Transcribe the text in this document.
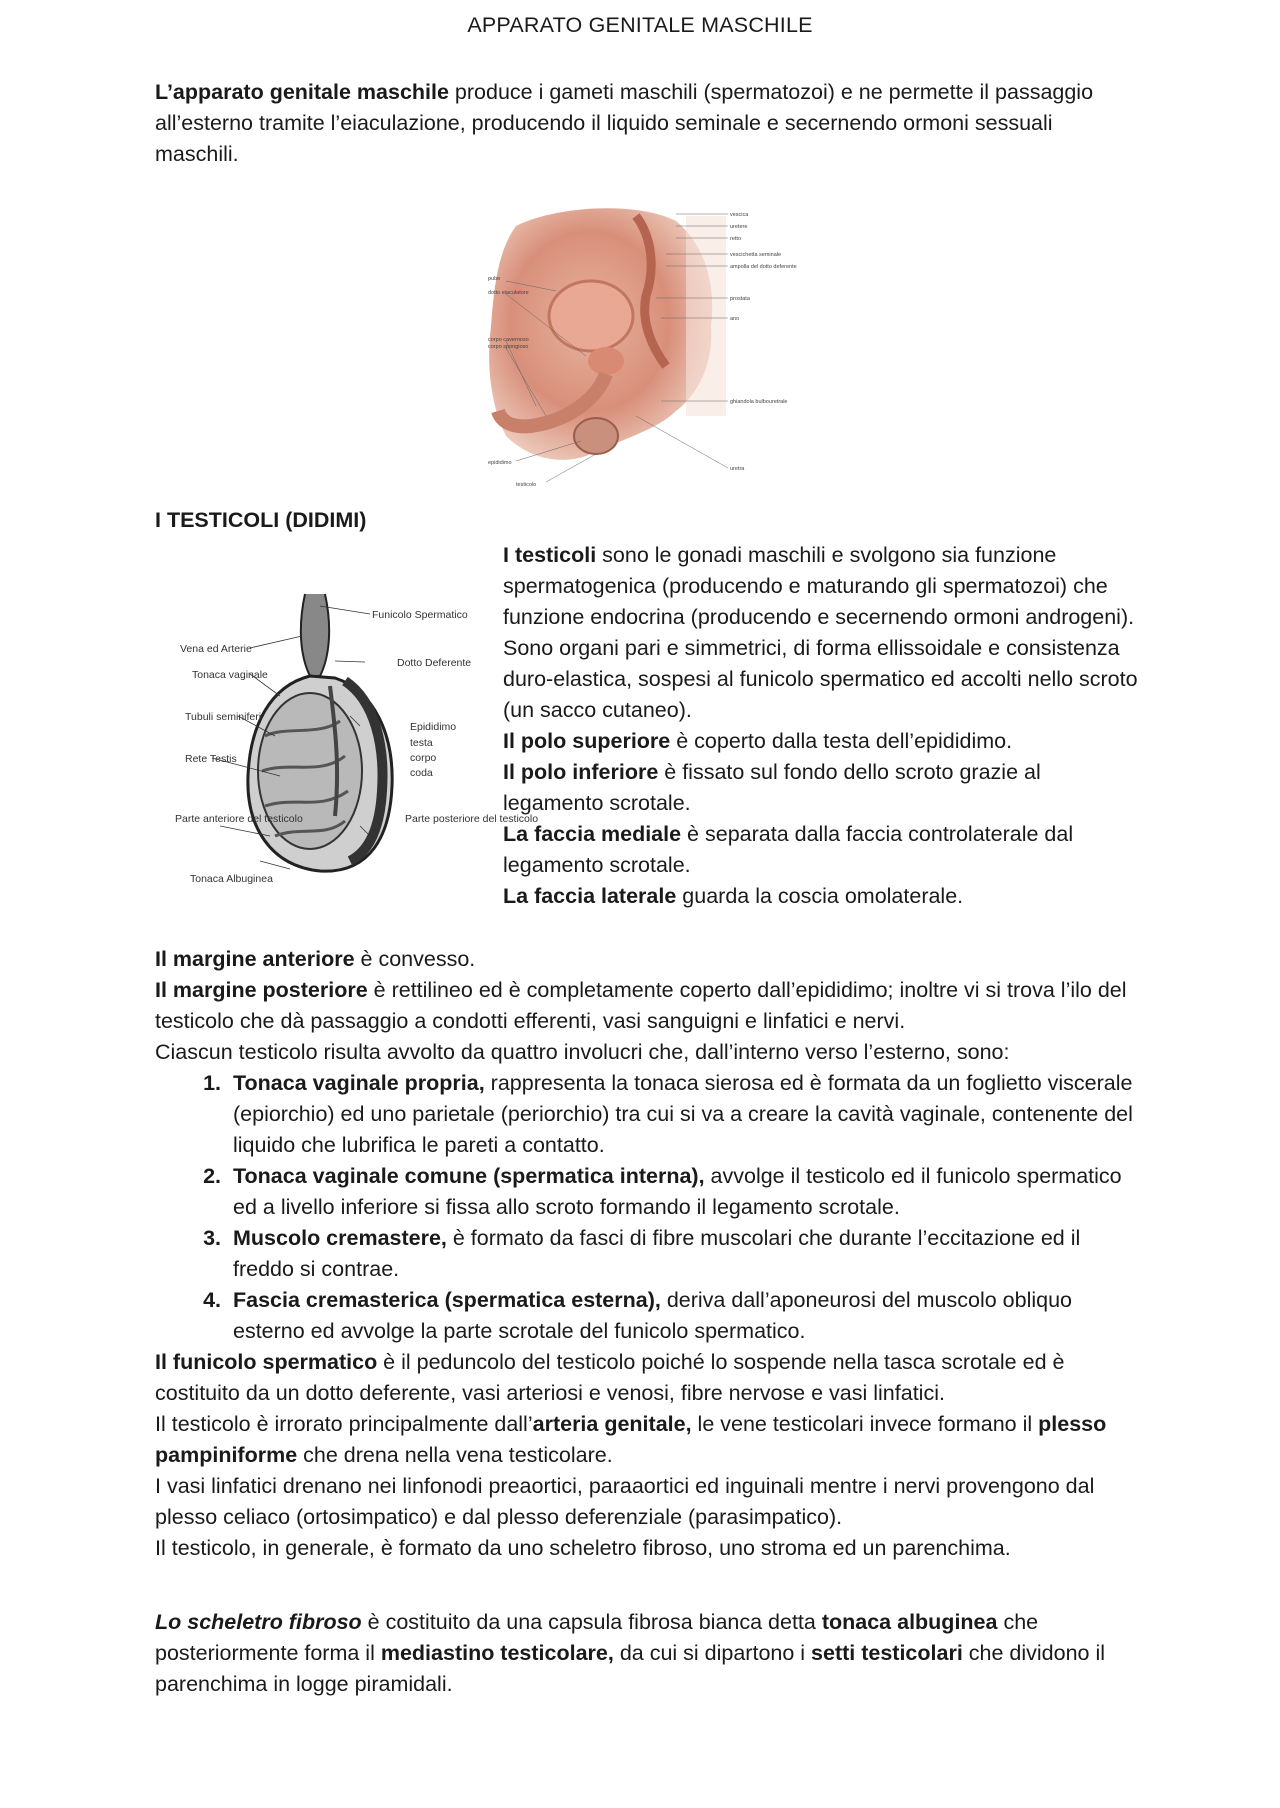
APPARATO GENITALE MASCHILE

L’apparato genitale maschile produce i gameti maschili (spermatozoi) e ne permette il passaggio all’esterno tramite l’eiaculazione, producendo il liquido seminale e secernendo ormoni sessuali maschili.

vescica
uretere
retto
vescichetta seminale
ampolla del dotto deferente
prostata
ano
pube
dotto eiaculatore
corpo cavernoso
corpo spongioso
epididimo
testicolo
ghiandola bulbouretrale
uretra
I TESTICOLI (DIDIMI)
Funicolo Spermatico
Vena ed Arterie
Dotto Deferente
Tonaca vaginale
Tubuli seminiferi
Epididimo
testa
corpo
coda
Rete Testis
Parte anteriore del testicolo	Parte posteriore del testicolo
Tonaca Albuginea

I testicoli sono le gonadi maschili e svolgono sia funzione spermatogenica (producendo e maturando gli spermatozoi) che funzione endocrina (producendo e secernendo ormoni androgeni).

Sono organi pari e simmetrici, di forma ellissoidale e consistenza duro-elastica, sospesi al funicolo spermatico ed accolti nello scroto (un sacco cutaneo).

Il polo superiore è coperto dalla testa dell’epididimo.

Il polo inferiore è fissato sul fondo dello scroto grazie al legamento scrotale.

La faccia mediale è separata dalla faccia controlaterale dal legamento scrotale.

La faccia laterale guarda la coscia omolaterale.

Il margine anteriore è convesso.

Il margine posteriore è rettilineo ed è completamente coperto dall’epididimo; inoltre vi si trova l’ilo del testicolo che dà passaggio a condotti efferenti, vasi sanguigni e linfatici e nervi.

Ciascun testicolo risulta avvolto da quattro involucri che, dall’interno verso l’esterno, sono:

1. Tonaca vaginale propria, rappresenta la tonaca sierosa ed è formata da un foglietto viscerale (epiorchio) ed uno parietale (periorchio) tra cui si va a creare la cavità vaginale, contenente del liquido che lubrifica le pareti a contatto.
2. Tonaca vaginale comune (spermatica interna), avvolge il testicolo ed il funicolo spermatico ed a livello inferiore si fissa allo scroto formando il legamento scrotale.
3. Muscolo cremastere, è formato da fasci di fibre muscolari che durante l’eccitazione ed il freddo si contrae.
4. Fascia cremasterica (spermatica esterna), deriva dall’aponeurosi del muscolo obliquo esterno ed avvolge la parte scrotale del funicolo spermatico.

Il funicolo spermatico è il peduncolo del testicolo poiché lo sospende nella tasca scrotale ed è costituito da un dotto deferente, vasi arteriosi e venosi, fibre nervose e vasi linfatici.

Il testicolo è irrorato principalmente dall’arteria genitale, le vene testicolari invece formano il plesso pampiniforme che drena nella vena testicolare.

I vasi linfatici drenano nei linfonodi preaortici, paraaortici ed inguinali mentre i nervi provengono dal plesso celiaco (ortosimpatico) e dal plesso deferenziale (parasimpatico).

Il testicolo, in generale, è formato da uno scheletro fibroso, uno stroma ed un parenchima.

Lo scheletro fibroso è costituito da una capsula fibrosa bianca detta tonaca albuginea che posteriormente forma il mediastino testicolare, da cui si dipartono i setti testicolari che dividono il parenchima in logge piramidali.
